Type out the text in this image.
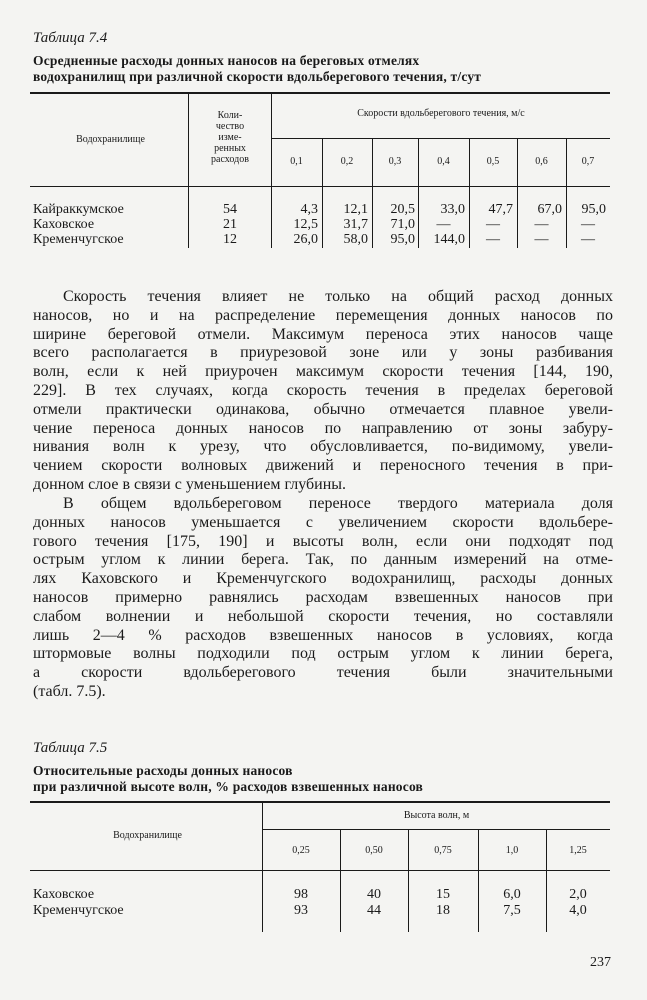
Таблица 7.4
Осредненные расходы донных наносов на береговых отмелях
водохранилищ при различной скорости вдольберегового течения, т/сут
Водохранилище
Коли-
чество
изме-
ренных
расходов
Скорости вдольберегового течения, м/с
0,1	0,2	0,3	0,4	0,5	0,6	0,7
Кайраккумское	54	4,3	12,1	20,5	33,0	47,7	67,0	95,0
Каховское	21	12,5	31,7	71,0	—	—	—	—
Кременчугское	12	26,0	58,0	95,0	144,0	—	—	—
Скорость течения влияет не только на общий расход донных
наносов, но и на распределение перемещения донных наносов по
ширине береговой отмели. Максимум переноса этих наносов чаще
всего располагается в приурезовой зоне или у зоны разбивания
волн, если к ней приурочен максимум скорости течения [144, 190,
229]. В тех случаях, когда скорость течения в пределах береговой
отмели практически одинакова, обычно отмечается плавное увели-
чение переноса донных наносов по направлению от зоны забуру-
нивания волн к урезу, что обусловливается, по-видимому, увели-
чением скорости волновых движений и переносного течения в при-
донном слое в связи с уменьшением глубины.
В общем вдольбереговом переносе твердого материала доля
донных наносов уменьшается с увеличением скорости вдольбере-
гового течения [175, 190] и высоты волн, если они подходят под
острым углом к линии берега. Так, по данным измерений на отме-
лях Каховского и Кременчугского водохранилищ, расходы донных
наносов примерно равнялись расходам взвешенных наносов при
слабом волнении и небольшой скорости течения, но составляли
лишь 2—4 % расходов взвешенных наносов в условиях, когда
штормовые волны подходили под острым углом к линии берега,
а скорости вдольберегового течения были значительными
(табл. 7.5).
Таблица 7.5
Относительные расходы донных наносов
при различной высоте волн, % расходов взвешенных наносов
Водохранилище
Высота волн, м
0,25	0,50	0,75	1,0	1,25
Каховское	98	40	15	6,0	2,0
Кременчугское	93	44	18	7,5	4,0
237
